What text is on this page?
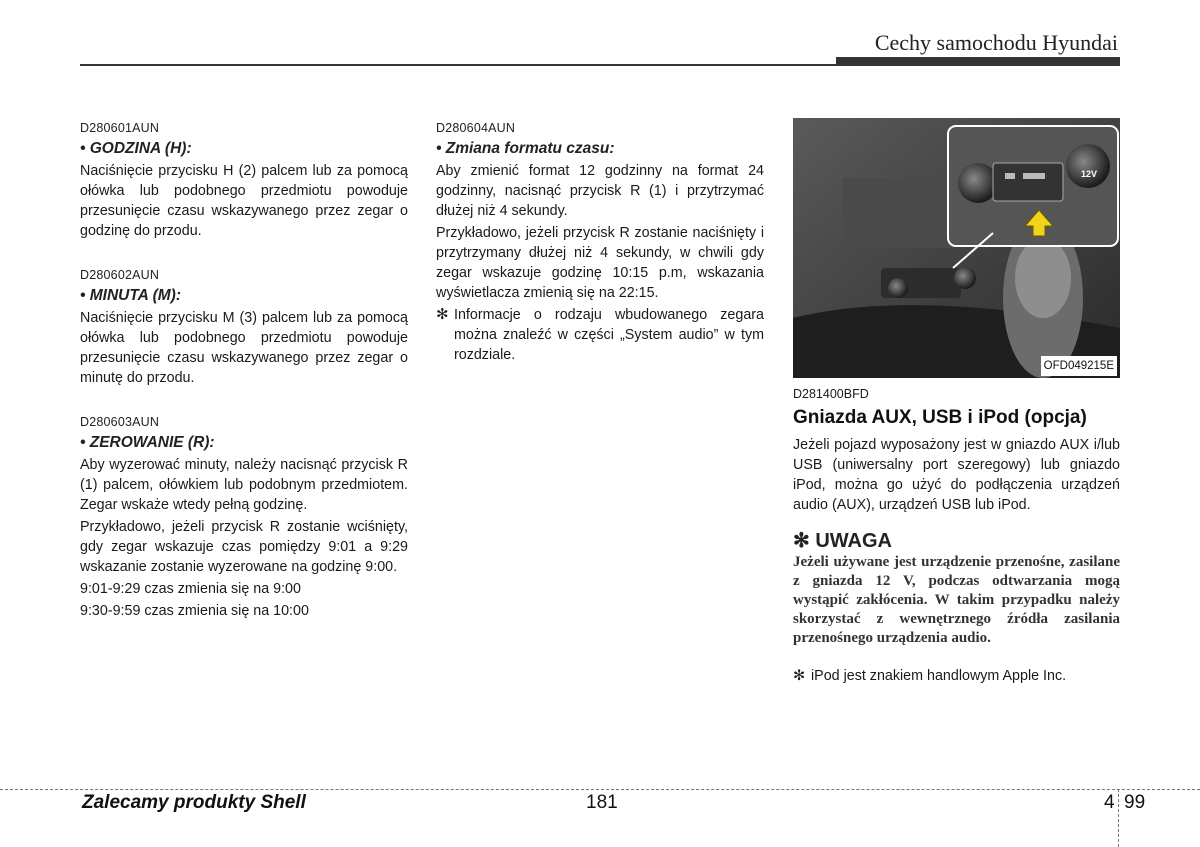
Cechy samochodu Hyundai
D280601AUN
• GODZINA (H):
Naciśnięcie przycisku H (2) palcem lub za pomocą ołówka lub podobnego przedmiotu powoduje przesunięcie czasu wskazywanego przez zegar o godzinę do przodu.
D280602AUN
• MINUTA (M):
Naciśnięcie przycisku M (3) palcem lub za pomocą ołówka lub podobnego przedmiotu powoduje przesunięcie czasu wskazywanego przez zegar o minutę do przodu.
D280603AUN
• ZEROWANIE (R):
Aby wyzerować minuty, należy nacisnąć przycisk R (1) palcem, ołówkiem lub podobnym przedmiotem. Zegar wskaże wtedy pełną godzinę.
Przykładowo, jeżeli przycisk R zostanie wciśnięty, gdy zegar wskazuje czas pomiędzy 9:01 a 9:29 wskazanie zostanie wyzerowane na godzinę 9:00.
9:01-9:29 czas zmienia się na 9:00
9:30-9:59 czas zmienia się na 10:00
D280604AUN
• Zmiana formatu czasu:
Aby zmienić format 12 godzinny na format 24 godzinny, nacisnąć przycisk R (1) i przytrzymać dłużej niż 4 sekundy.
Przykładowo, jeżeli przycisk R zostanie naciśnięty i przytrzymany dłużej niż 4 sekundy, w chwili gdy zegar wskazuje godzinę 10:15 p.m, wskazania wyświetlacza zmienią się na 22:15.
✻ Informacje o rodzaju wbudowanego zegara można znaleźć w części „System audio” w tym rozdziale.
12V
OFD049215E
D281400BFD
Gniazda AUX, USB i iPod (opcja)
Jeżeli pojazd wyposażony jest w gniazdo AUX i/lub USB (uniwersalny port szeregowy) lub gniazdo iPod, można go użyć do podłączenia urządzeń audio (AUX), urządzeń USB lub iPod.
✻ UWAGA
Jeżeli używane jest urządzenie przenośne, zasilane z gniazda 12 V, podczas odtwarzania mogą wystąpić zakłócenia. W takim przypadku należy skorzystać z wewnętrznego źródła zasilania przenośnego urządzenia audio.
✻ iPod jest znakiem handlowym Apple Inc.
Zalecamy produkty Shell	181	4 99
